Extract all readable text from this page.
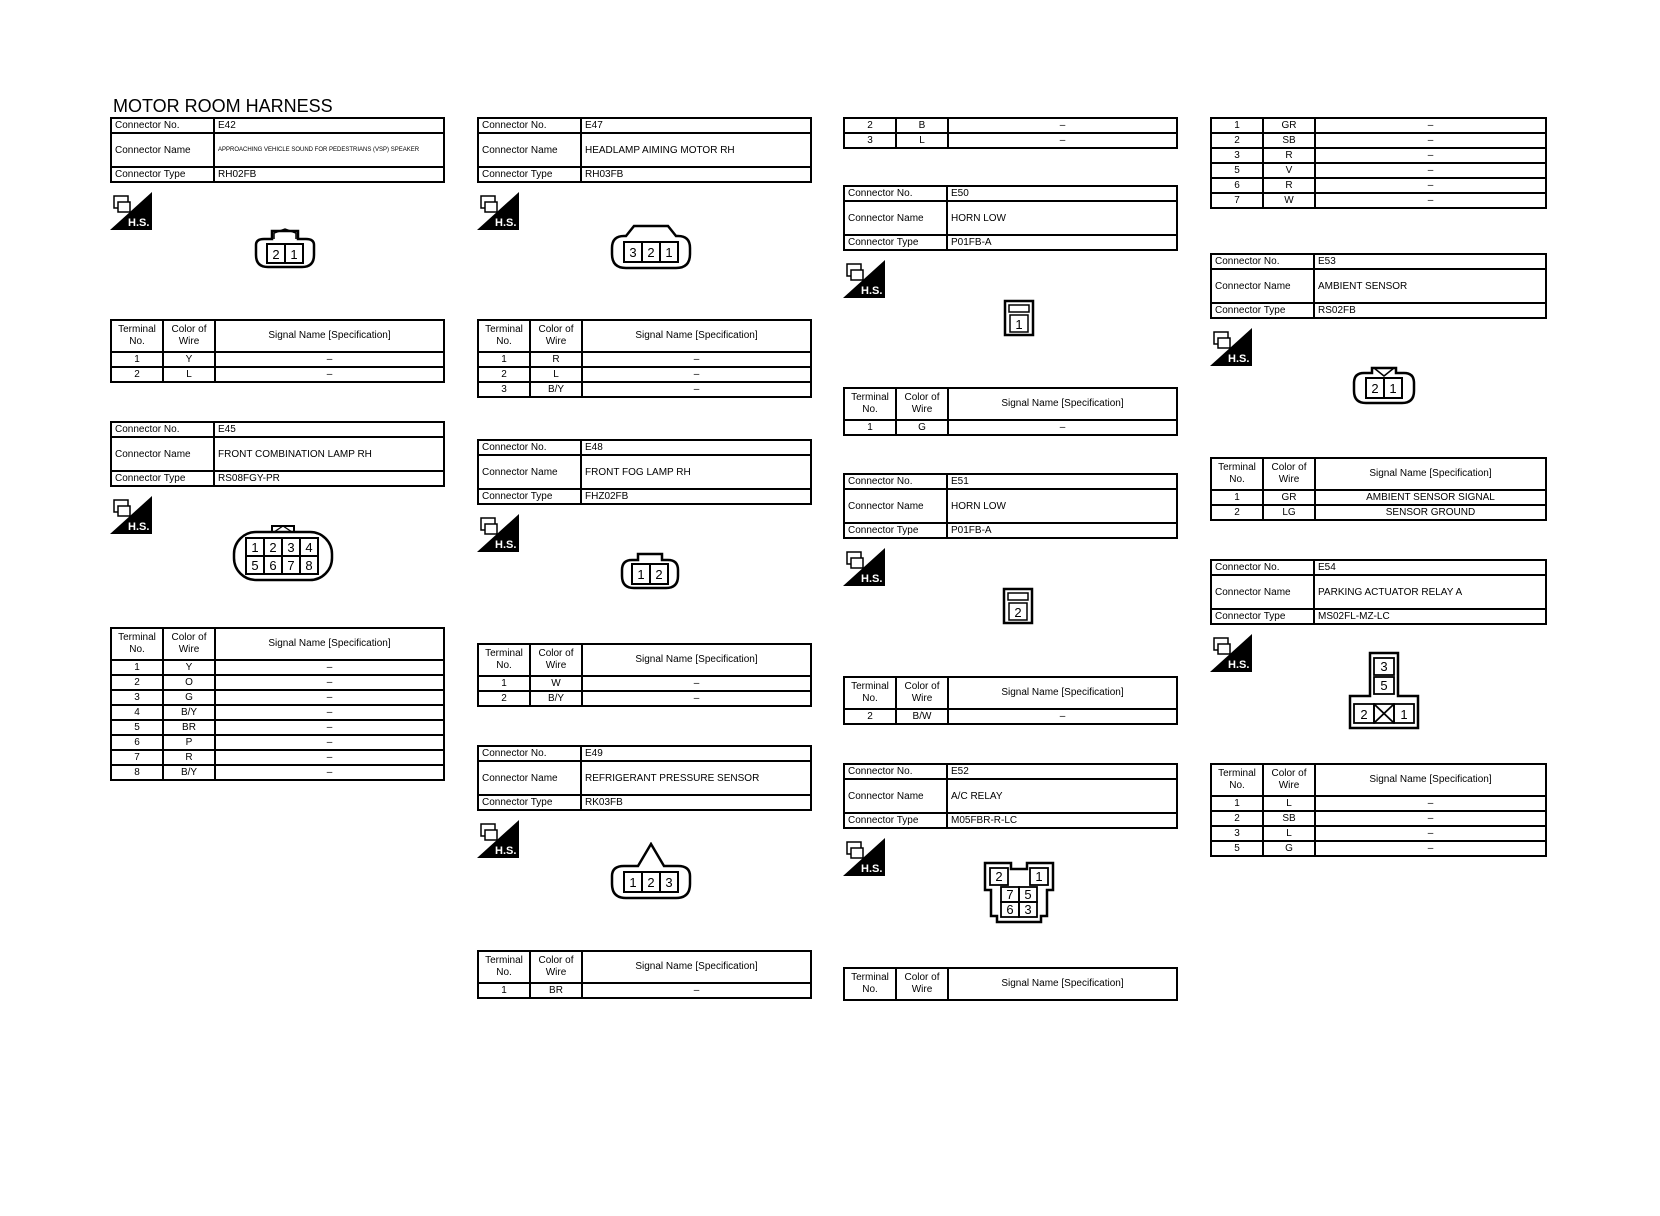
MOTOR ROOM HARNESS
Connector No.	E42
Connector Name	APPROACHING VEHICLE SOUND FOR PEDESTRIANS (VSP) SPEAKER
Connector Type	RH02FB
H.S.
2 1
Terminal No.	Color of Wire	Signal Name [Specification]
1	Y	–
2	L	–
Connector No.	E45
Connector Name	FRONT COMBINATION LAMP RH
Connector Type	RS08FGY-PR
H.S.
1 2 3 4
5 6 7 8
Terminal No.	Color of Wire	Signal Name [Specification]
1	Y	–
2	O	–
3	G	–
4	B/Y	–
5	BR	–
6	P	–
7	R	–
8	B/Y	–
Connector No.	E47
Connector Name	HEADLAMP AIMING MOTOR RH
Connector Type	RH03FB
H.S.
3 2 1
Terminal No.	Color of Wire	Signal Name [Specification]
1	R	–
2	L	–
3	B/Y	–
Connector No.	E48
Connector Name	FRONT FOG LAMP RH
Connector Type	FHZ02FB
H.S.
1 2
Terminal No.	Color of Wire	Signal Name [Specification]
1	W	–
2	B/Y	–
Connector No.	E49
Connector Name	REFRIGERANT PRESSURE SENSOR
Connector Type	RK03FB
H.S.
1 2 3
Terminal No.	Color of Wire	Signal Name [Specification]
1	BR	–
2	B	–
3	L	–
Connector No.	E50
Connector Name	HORN LOW
Connector Type	P01FB-A
H.S.
1
Terminal No.	Color of Wire	Signal Name [Specification]
1	G	–
Connector No.	E51
Connector Name	HORN LOW
Connector Type	P01FB-A
H.S.
2
Terminal No.	Color of Wire	Signal Name [Specification]
2	B/W	–
Connector No.	E52
Connector Name	A/C RELAY
Connector Type	M05FBR-R-LC
H.S.	2	1
7 5
6 3
Terminal No.	Color of Wire	Signal Name [Specification]
1	GR	–
2	SB	–
3	R	–
5	V	–
6	R	–
7	W	–
Connector No.	E53
Connector Name	AMBIENT SENSOR
Connector Type	RS02FB
H.S.
2 1
Terminal No.	Color of Wire	Signal Name [Specification]
1	GR	AMBIENT SENSOR SIGNAL
2	LG	SENSOR GROUND
Connector No.	E54
Connector Name	PARKING ACTUATOR RELAY A
Connector Type	MS02FL-MZ-LC
H.S.	3
5
2	1
Terminal No.	Color of Wire	Signal Name [Specification]
1	L	–
2	SB	–
3	L	–
5	G	–
